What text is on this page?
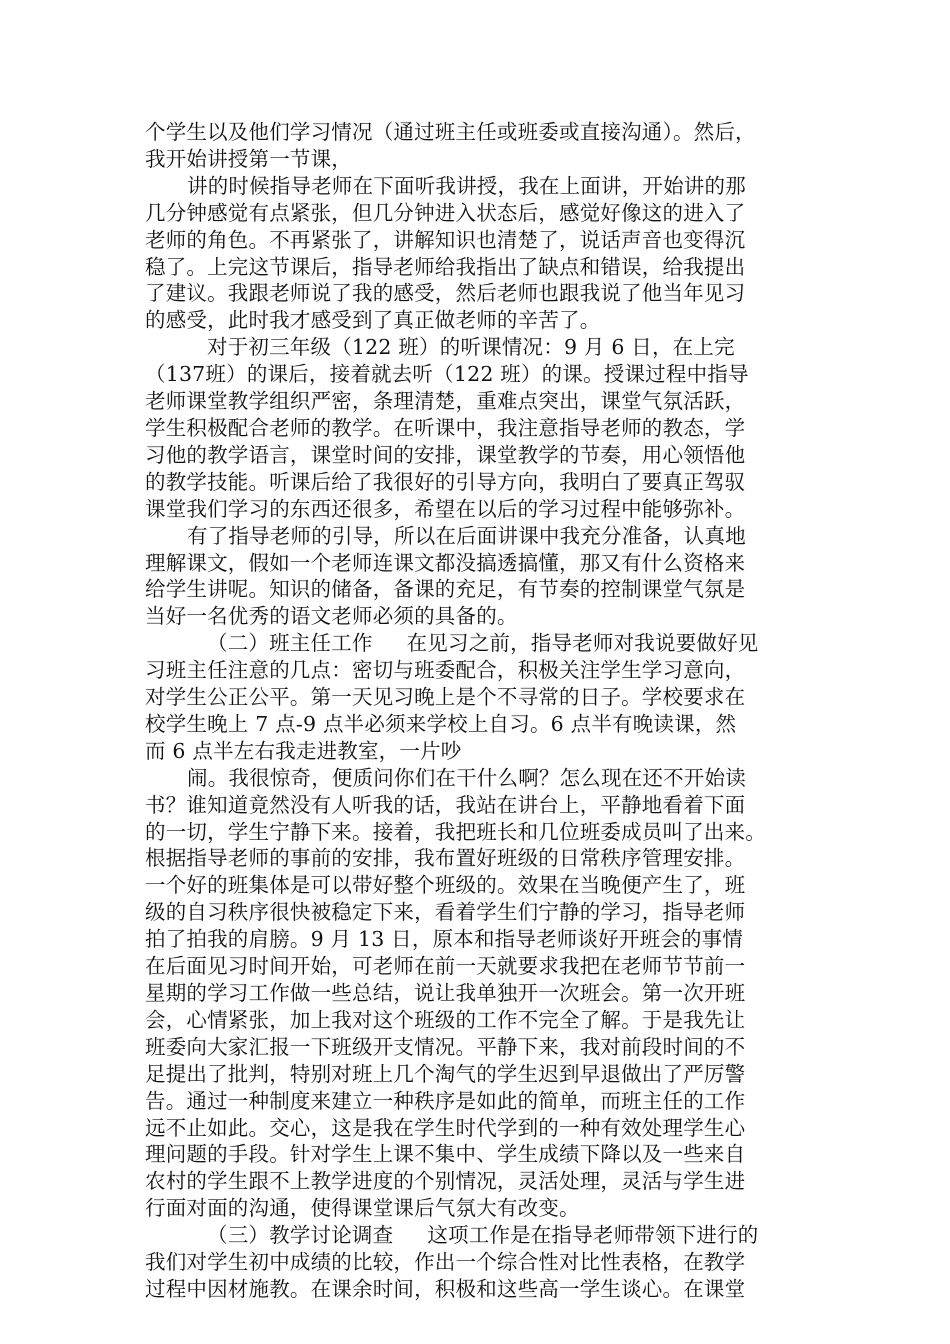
个学生以及他们学习情况（通过班主任或班委或直接沟通）。然后，
我开始讲授第一节课，
讲的时候指导老师在下面听我讲授，我在上面讲，开始讲的那
几分钟感觉有点紧张，但几分钟进入状态后，感觉好像这的进入了
老师的角色。不再紧张了，讲解知识也清楚了，说话声音也变得沉
稳了。上完这节课后，指导老师给我指出了缺点和错误，给我提出
了建议。我跟老师说了我的感受，然后老师也跟我说了他当年见习
的感受，此时我才感受到了真正做老师的辛苦了。
对于初三年级（122 班）的听课情况：9 月 6 日，在上完
（137班）的课后，接着就去听（122 班）的课。授课过程中指导
老师课堂教学组织严密，条理清楚，重难点突出，课堂气氛活跃，
学生积极配合老师的教学。在听课中，我注意指导老师的教态，学
习他的教学语言，课堂时间的安排，课堂教学的节奏，用心领悟他
的教学技能。听课后给了我很好的引导方向，我明白了要真正驾驭
课堂我们学习的东西还很多，希望在以后的学习过程中能够弥补。
有了指导老师的引导，所以在后面讲课中我充分准备，认真地
理解课文，假如一个老师连课文都没搞透搞懂，那又有什么资格来
给学生讲呢。知识的储备，备课的充足，有节奏的控制课堂气氛是
当好一名优秀的语文老师必须的具备的。
（二）班主任工作 在见习之前，指导老师对我说要做好见
习班主任注意的几点：密切与班委配合，积极关注学生学习意向，
对学生公正公平。第一天见习晚上是个不寻常的日子。学校要求在
校学生晚上 7 点-9 点半必须来学校上自习。6 点半有晚读课，然
而 6 点半左右我走进教室，一片吵
闹。我很惊奇，便质问你们在干什么啊？怎么现在还不开始读
书？谁知道竟然没有人听我的话，我站在讲台上，平静地看着下面
的一切，学生宁静下来。接着，我把班长和几位班委成员叫了出来。
根据指导老师的事前的安排，我布置好班级的日常秩序管理安排。
一个好的班集体是可以带好整个班级的。效果在当晚便产生了，班
级的自习秩序很快被稳定下来，看着学生们宁静的学习，指导老师
拍了拍我的肩膀。9 月 13 日，原本和指导老师谈好开班会的事情
在后面见习时间开始，可老师在前一天就要求我把在老师节节前一
星期的学习工作做一些总结，说让我单独开一次班会。第一次开班
会，心情紧张，加上我对这个班级的工作不完全了解。于是我先让
班委向大家汇报一下班级开支情况。平静下来，我对前段时间的不
足提出了批判，特别对班上几个淘气的学生迟到早退做出了严厉警
告。通过一种制度来建立一种秩序是如此的简单，而班主任的工作
远不止如此。交心，这是我在学生时代学到的一种有效处理学生心
理问题的手段。针对学生上课不集中、学生成绩下降以及一些来自
农村的学生跟不上教学进度的个别情况，灵活处理，灵活与学生进
行面对面的沟通，使得课堂课后气氛大有改变。
（三）教学讨论调查 这项工作是在指导老师带领下进行的
我们对学生初中成绩的比较，作出一个综合性对比性表格，在教学
过程中因材施教。在课余时间，积极和这些高一学生谈心。在课堂
